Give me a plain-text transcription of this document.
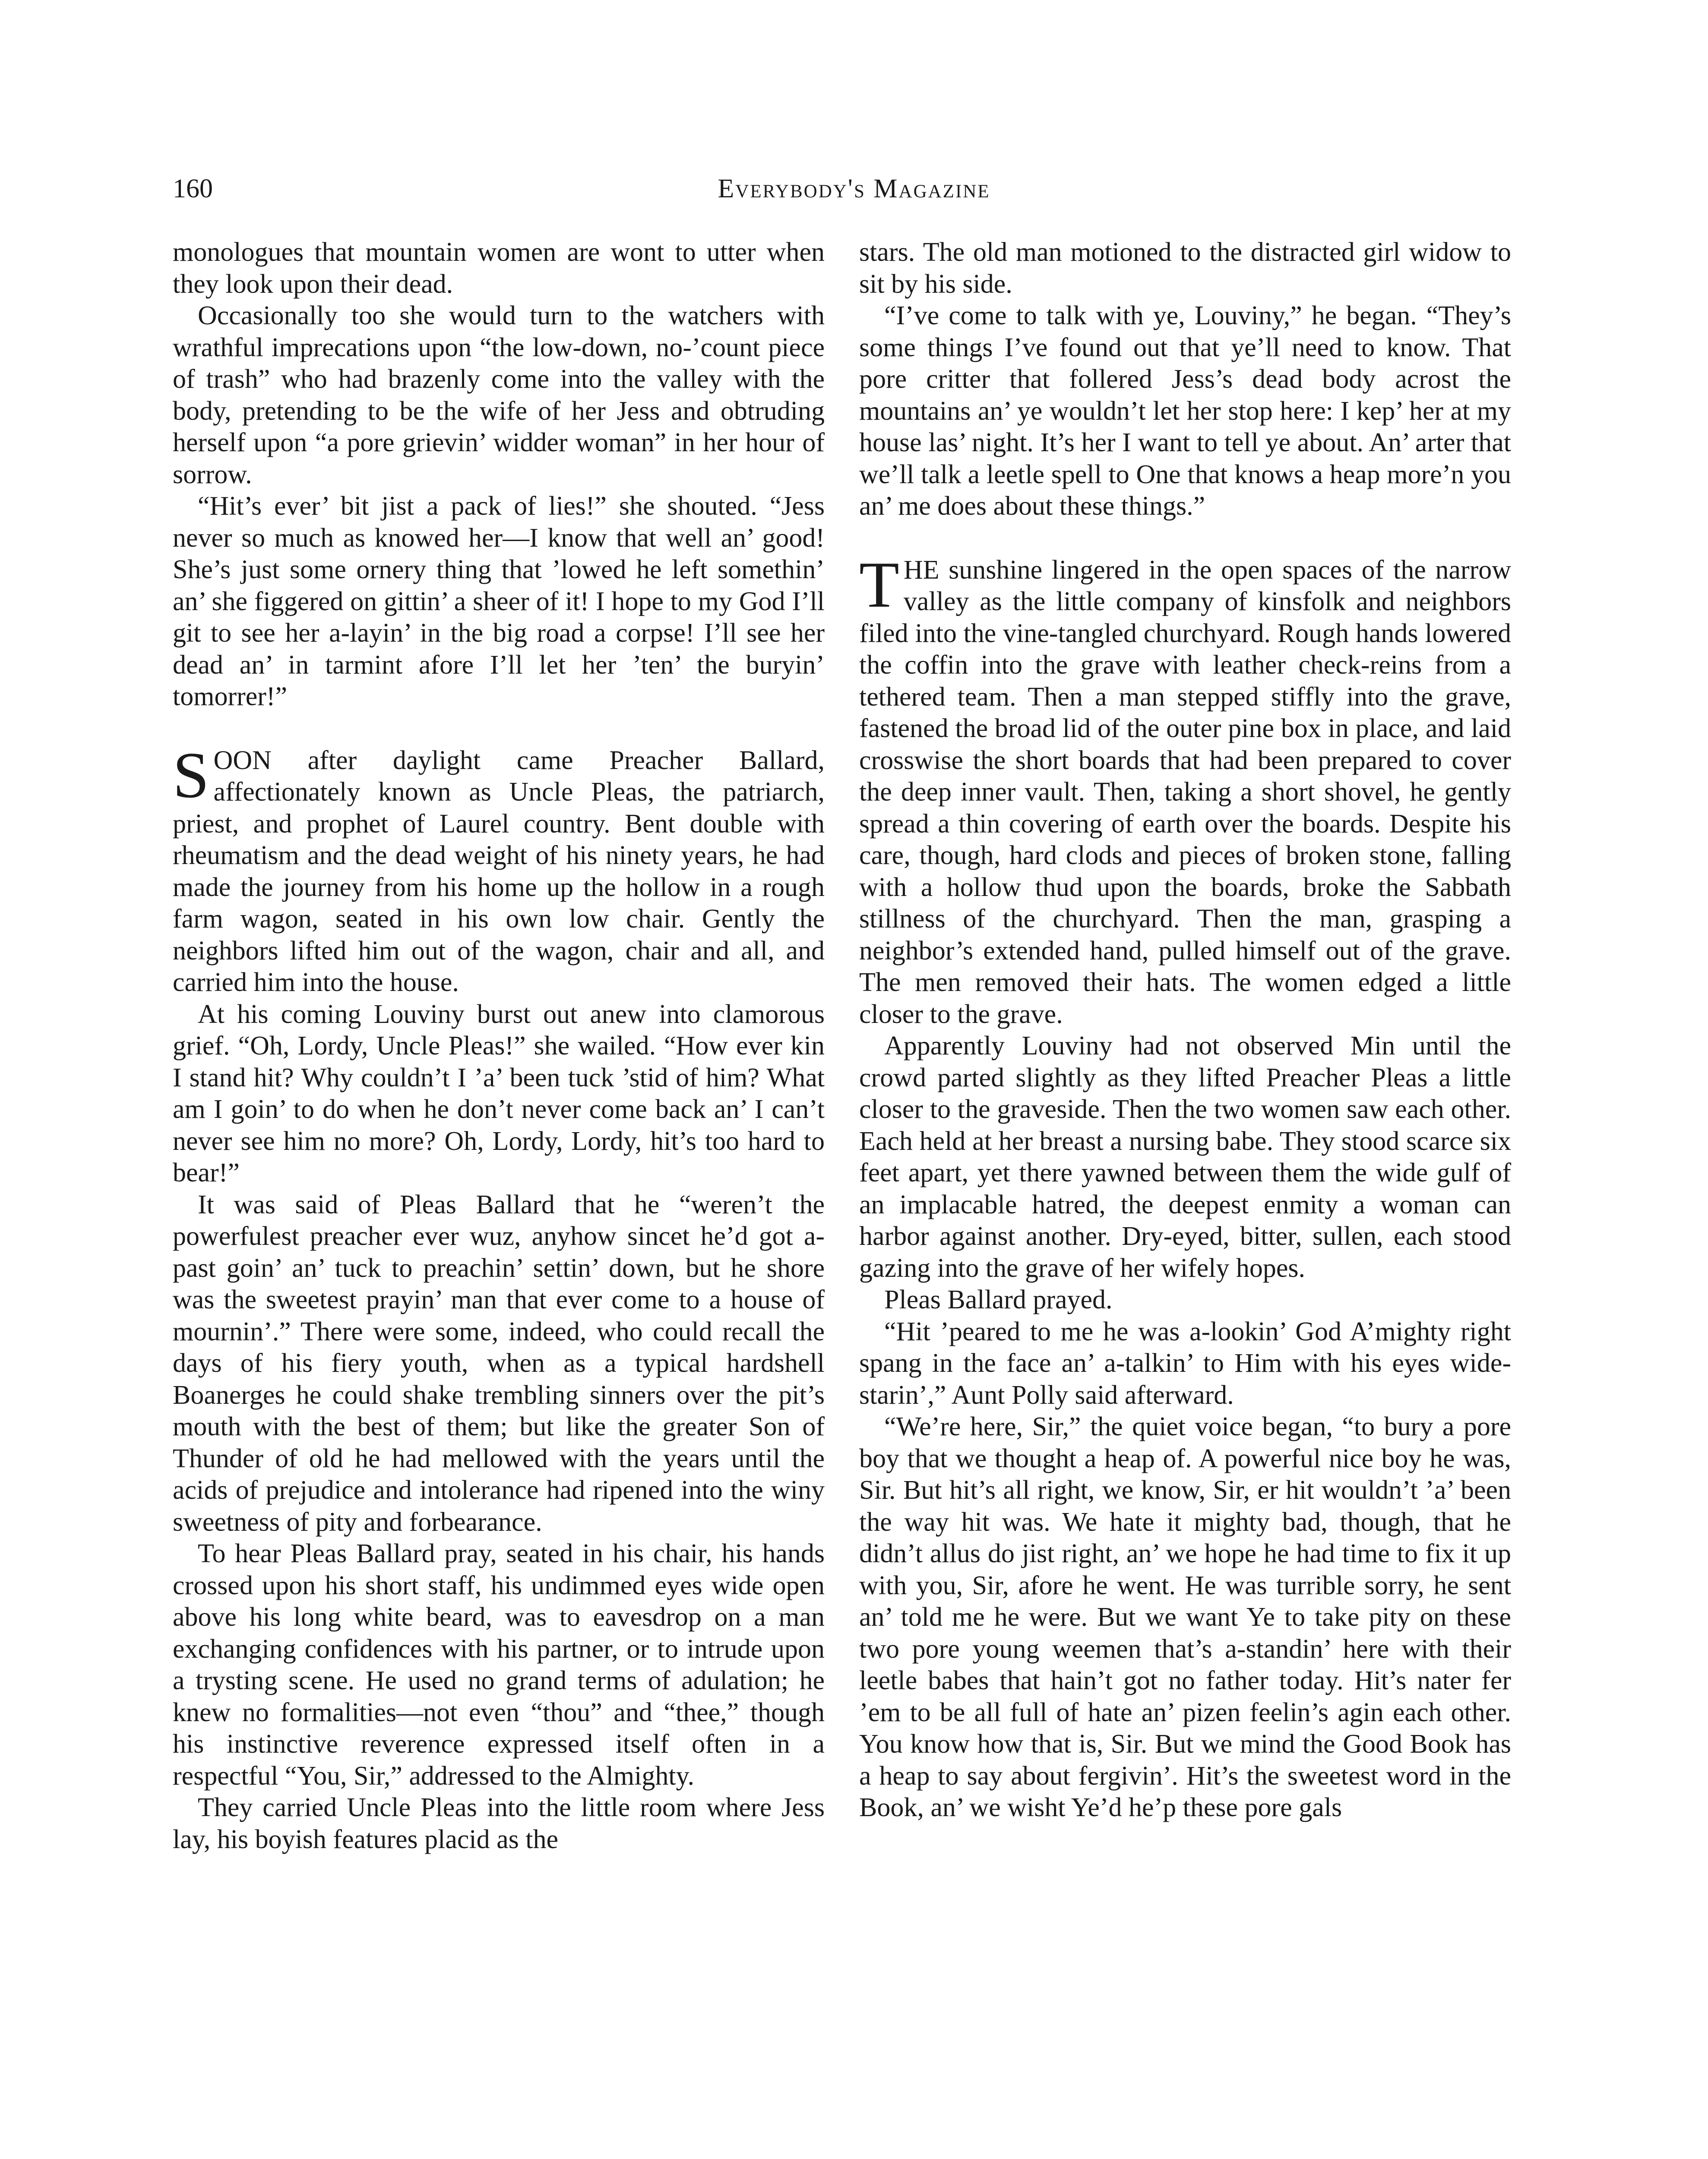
160	Everybody's Magazine

monologues that mountain women are wont to utter when they look upon their dead.

Occasionally too she would turn to the watchers with wrathful imprecations upon “the low-down, no-’count piece of trash” who had brazenly come into the valley with the body, pretending to be the wife of her Jess and obtruding herself upon “a pore grievin’ widder woman” in her hour of sorrow.

“Hit’s ever’ bit jist a pack of lies!” she shouted. “Jess never so much as knowed her—I know that well an’ good! She’s just some ornery thing that ’lowed he left somethin’ an’ she figgered on gittin’ a sheer of it! I hope to my God I’ll git to see her a-layin’ in the big road a corpse! I’ll see her dead an’ in tarmint afore I’ll let her ’ten’ the buryin’ tomorrer!”

SOON after daylight came Preacher Ballard, affectionately known as Uncle Pleas, the patriarch, priest, and prophet of Laurel country. Bent double with rheumatism and the dead weight of his ninety years, he had made the journey from his home up the hollow in a rough farm wagon, seated in his own low chair. Gently the neighbors lifted him out of the wagon, chair and all, and carried him into the house.

At his coming Louviny burst out anew into clamorous grief. “Oh, Lordy, Uncle Pleas!” she wailed. “How ever kin I stand hit? Why couldn’t I ’a’ been tuck ’stid of him? What am I goin’ to do when he don’t never come back an’ I can’t never see him no more? Oh, Lordy, Lordy, hit’s too hard to bear!”

It was said of Pleas Ballard that he “weren’t the powerfulest preacher ever wuz, anyhow sincet he’d got a-past goin’ an’ tuck to preachin’ settin’ down, but he shore was the sweetest prayin’ man that ever come to a house of mournin’.” There were some, indeed, who could recall the days of his fiery youth, when as a typical hardshell Boanerges he could shake trembling sinners over the pit’s mouth with the best of them; but like the greater Son of Thunder of old he had mellowed with the years until the acids of prejudice and intolerance had ripened into the winy sweetness of pity and forbearance.

To hear Pleas Ballard pray, seated in his chair, his hands crossed upon his short staff, his undimmed eyes wide open above his long white beard, was to eavesdrop on a man exchanging confidences with his partner, or to intrude upon a trysting scene. He used no grand terms of adulation; he knew no formalities—not even “thou” and “thee,” though his instinctive reverence expressed itself often in a respectful “You, Sir,” addressed to the Almighty.

They carried Uncle Pleas into the little room where Jess lay, his boyish features placid as the

stars. The old man motioned to the distracted girl widow to sit by his side.

“I’ve come to talk with ye, Louviny,” he began. “They’s some things I’ve found out that ye’ll need to know. That pore critter that follered Jess’s dead body acrost the mountains an’ ye wouldn’t let her stop here: I kep’ her at my house las’ night. It’s her I want to tell ye about. An’ arter that we’ll talk a leetle spell to One that knows a heap more’n you an’ me does about these things.”

THE sunshine lingered in the open spaces of the narrow valley as the little company of kinsfolk and neighbors filed into the vine-tangled churchyard. Rough hands lowered the coffin into the grave with leather check-reins from a tethered team. Then a man stepped stiffly into the grave, fastened the broad lid of the outer pine box in place, and laid crosswise the short boards that had been prepared to cover the deep inner vault. Then, taking a short shovel, he gently spread a thin covering of earth over the boards. Despite his care, though, hard clods and pieces of broken stone, falling with a hollow thud upon the boards, broke the Sabbath stillness of the churchyard. Then the man, grasping a neighbor’s extended hand, pulled himself out of the grave. The men removed their hats. The women edged a little closer to the grave.

Apparently Louviny had not observed Min until the crowd parted slightly as they lifted Preacher Pleas a little closer to the graveside. Then the two women saw each other. Each held at her breast a nursing babe. They stood scarce six feet apart, yet there yawned between them the wide gulf of an implacable hatred, the deepest enmity a woman can harbor against another. Dry-eyed, bitter, sullen, each stood gazing into the grave of her wifely hopes.

Pleas Ballard prayed.

“Hit ’peared to me he was a-lookin’ God A’mighty right spang in the face an’ a-talkin’ to Him with his eyes wide-starin’,” Aunt Polly said afterward.

“We’re here, Sir,” the quiet voice began, “to bury a pore boy that we thought a heap of. A powerful nice boy he was, Sir. But hit’s all right, we know, Sir, er hit wouldn’t ’a’ been the way hit was. We hate it mighty bad, though, that he didn’t allus do jist right, an’ we hope he had time to fix it up with you, Sir, afore he went. He was turrible sorry, he sent an’ told me he were. But we want Ye to take pity on these two pore young weemen that’s a-standin’ here with their leetle babes that hain’t got no father today. Hit’s nater fer ’em to be all full of hate an’ pizen feelin’s agin each other. You know how that is, Sir. But we mind the Good Book has a heap to say about fergivin’. Hit’s the sweetest word in the Book, an’ we wisht Ye’d he’p these pore gals
